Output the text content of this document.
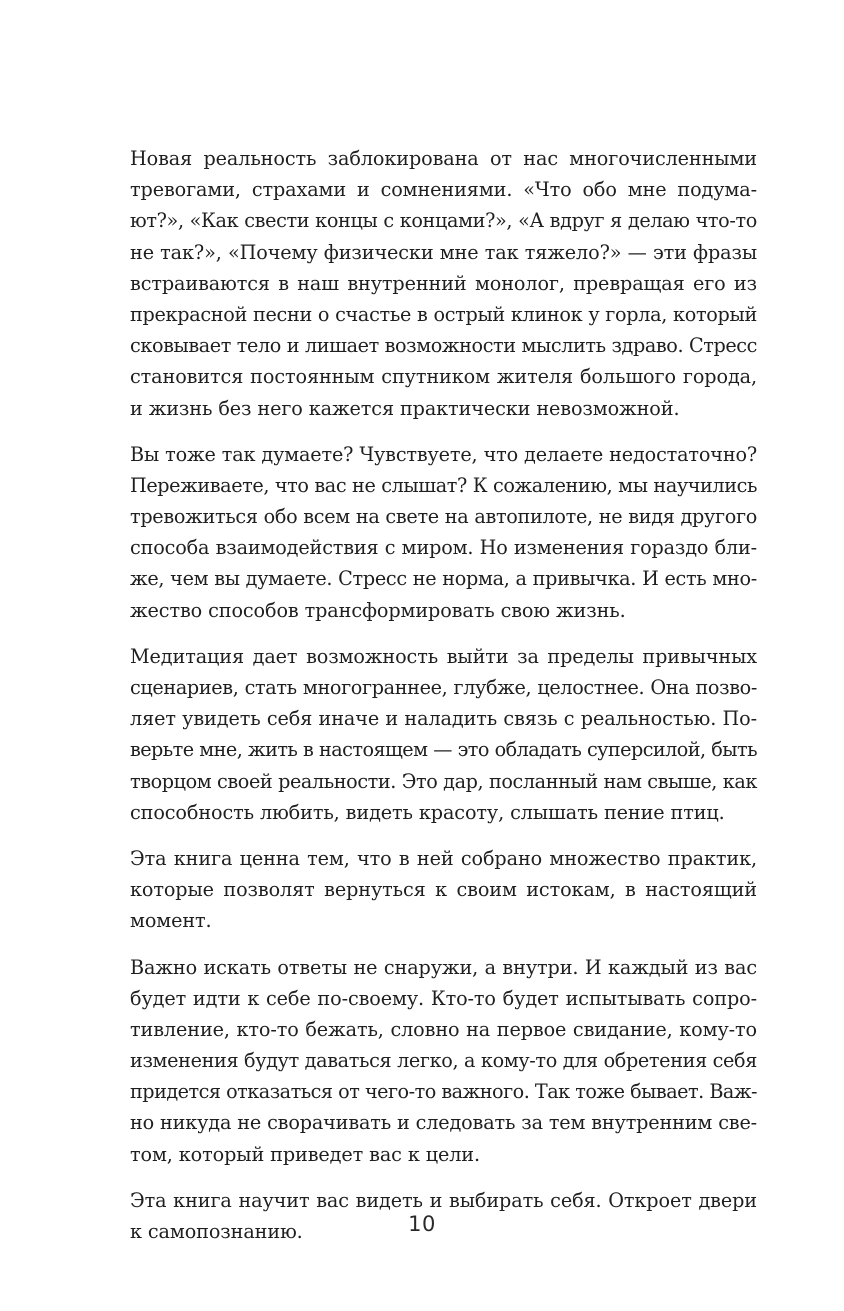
Новая реальность заблокирована от нас многочисленными
тревогами, страхами и сомнениями. «Что обо мне подума-
ют?», «Как свести концы с концами?», «А вдруг я делаю что-то
не так?», «Почему физически мне так тяжело?» — эти фразы
встраиваются в наш внутренний монолог, превращая его из
прекрасной песни о счастье в острый клинок у горла, который
сковывает тело и лишает возможности мыслить здраво. Стресс
становится постоянным спутником жителя большого города,
и жизнь без него кажется практически невозможной.
Вы тоже так думаете? Чувствуете, что делаете недостаточно?
Переживаете, что вас не слышат? К сожалению, мы научились
тревожиться обо всем на свете на автопилоте, не видя другого
способа взаимодействия с миром. Но изменения гораздо бли-
же, чем вы думаете. Стресс не норма, а привычка. И есть мно-
жество способов трансформировать свою жизнь.
Медитация дает возможность выйти за пределы привычных
сценариев, стать многограннее, глубже, целостнее. Она позво-
ляет увидеть себя иначе и наладить связь с реальностью. По-
верьте мне, жить в настоящем — это обладать суперсилой, быть
творцом своей реальности. Это дар, посланный нам свыше, как
способность любить, видеть красоту, слышать пение птиц.
Эта книга ценна тем, что в ней собрано множество практик,
которые позволят вернуться к своим истокам, в настоящий
момент.
Важно искать ответы не снаружи, а внутри. И каждый из вас
будет идти к себе по-своему. Кто-то будет испытывать сопро-
тивление, кто-то бежать, словно на первое свидание, кому-то
изменения будут даваться легко, а кому-то для обретения себя
придется отказаться от чего-то важного. Так тоже бывает. Важ-
но никуда не сворачивать и следовать за тем внутренним све-
том, который приведет вас к цели.
Эта книга научит вас видеть и выбирать себя. Откроет двери
к самопознанию.	10
